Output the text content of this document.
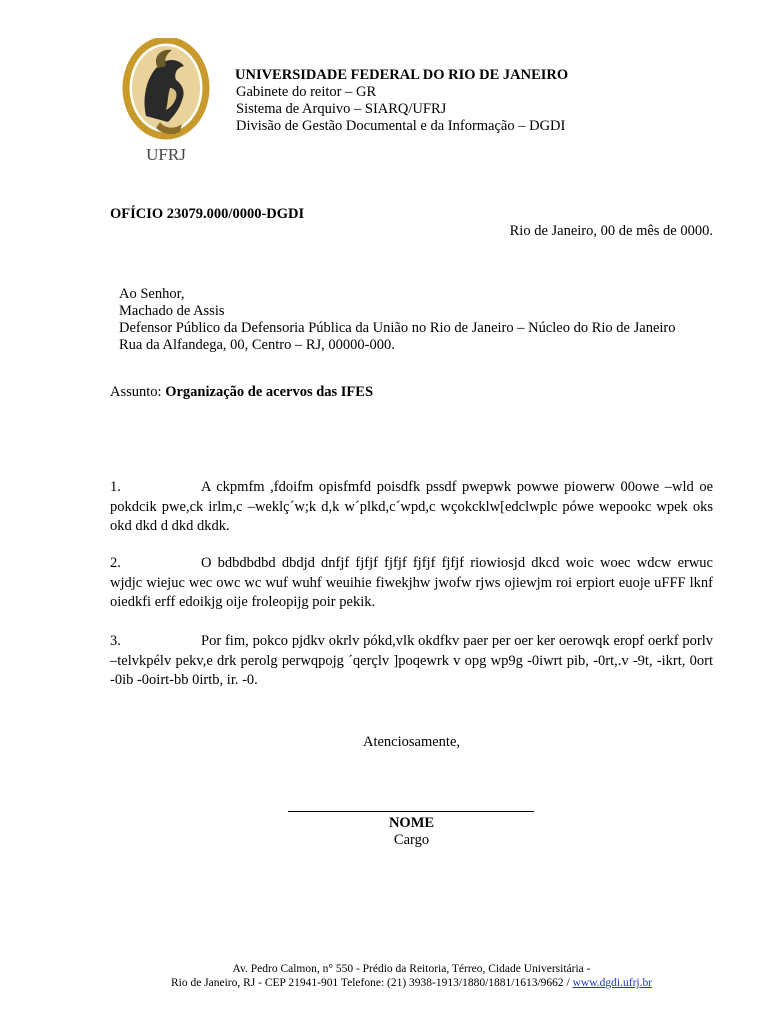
UFRJ
UNIVERSIDADE FEDERAL DO RIO DE JANEIRO
Gabinete do reitor – GR
Sistema de Arquivo – SIARQ/UFRJ
Divisão de Gestão Documental e da Informação – DGDI
OFÍCIO 23079.000/0000-DGDI
Rio de Janeiro, 00 de mês de 0000.
Ao Senhor,
Machado de Assis
Defensor Público da Defensoria Pública da União no Rio de Janeiro – Núcleo do Rio de Janeiro
Rua da Alfandega, 00, Centro – RJ, 00000-000.
Assunto: Organização de acervos das IFES
1.	A ckpmfm ,fdoifm opisfmfd poisdfk pssdf pwepwk powwe piowerw 00owe –wld oe pokdcik pwe,ck irlm,c –weklç´w;k d,k w´plkd,c´wpd,c wçokcklw[edclwplc pówe wepookc wpek oks okd dkd d dkd dkdk.
2.	O bdbdbdbd dbdjd dnfjf fjfjf fjfjf fjfjf fjfjf riowiosjd dkcd woic woec wdcw erwuc wjdjc wiejuc wec owc wc wuf wuhf weuihie fiwekjhw jwofw rjws ojiewjm roi erpiort euoje uFFF lknf oiedkfi erff edoikjg oije froleopijg poir pekik.
3.	Por fim, pokco pjdkv okrlv pókd,vlk okdfkv paer per oer ker oerowqk eropf oerkf porlv –telvkpélv pekv,e drk perolg perwqpojg ´qerçlv ]poqewrk v opg wp9g -0iwrt pib, -0rt,.v -9t, -ikrt, 0ort -0ib -0oirt-bb 0irtb, ir. -0.
Atenciosamente,
NOME
Cargo
Av. Pedro Calmon, n° 550 - Prédio da Reitoria, Térreo, Cidade Universitária -
Rio de Janeiro, RJ - CEP 21941-901 Telefone: (21) 3938-1913/1880/1881/1613/9662 / www.dgdi.ufrj.br
